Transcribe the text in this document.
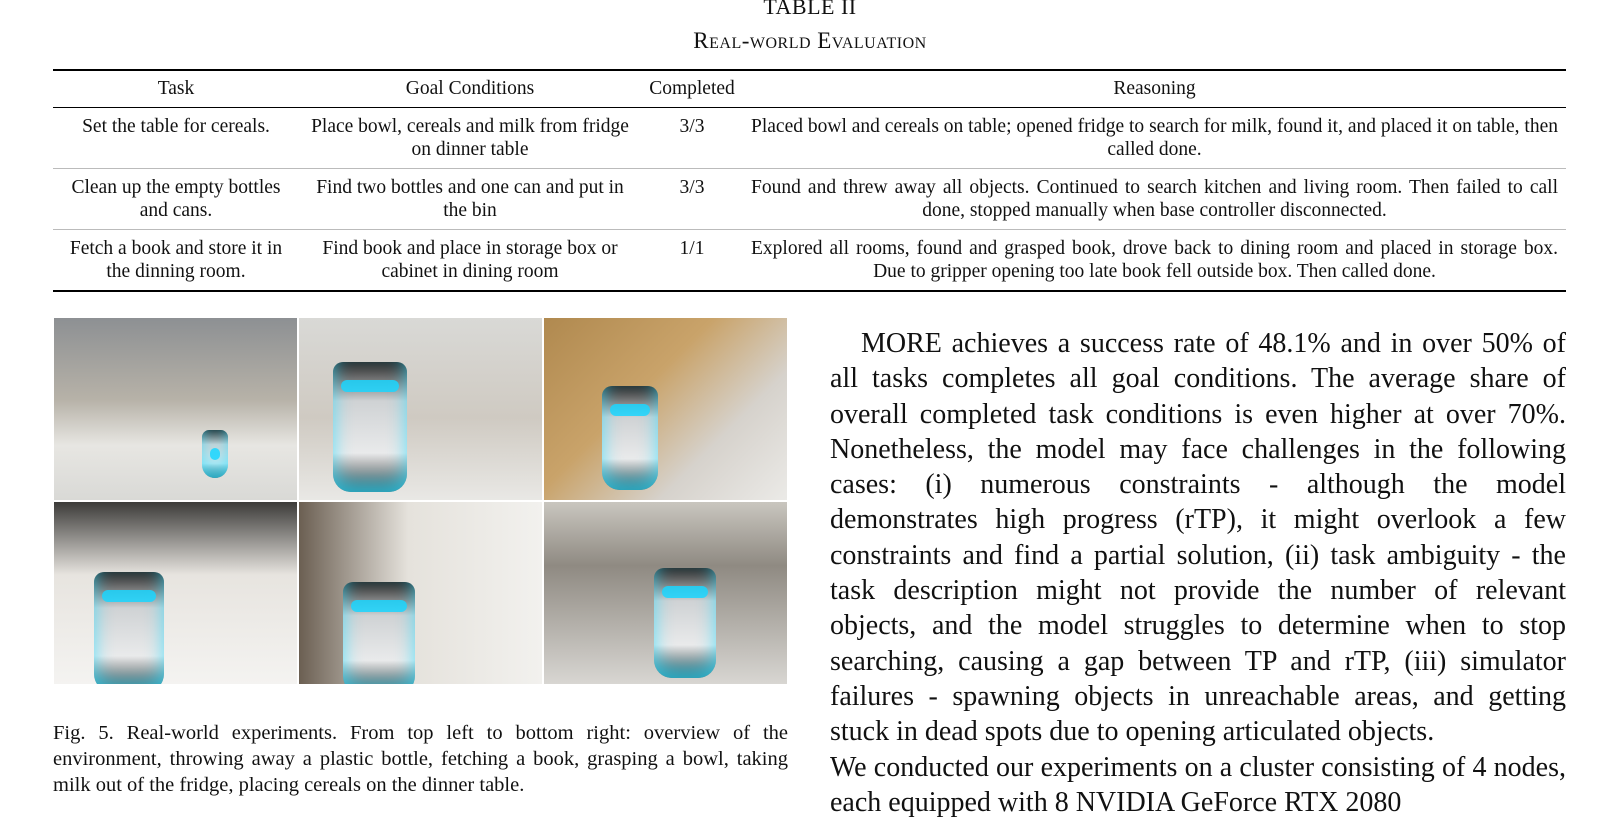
TABLE II
Real-world Evaluation
Task	Goal Conditions	Completed	Reasoning
Set the table for cereals.	Place bowl, cereals and milk from fridge on dinner table	3/3	Placed bowl and cereals on table; opened fridge to search for milk, found it, and placed it on table, then called done.
Clean up the empty bottles and cans.	Find two bottles and one can and put in the bin	3/3	Found and threw away all objects. Continued to search kitchen and living room. Then failed to call done, stopped manually when base controller disconnected.
Fetch a book and store it in the dinning room.	Find book and place in storage box or cabinet in dining room	1/1	Explored all rooms, found and grasped book, drove back to dining room and placed in storage box. Due to gripper opening too late book fell outside box. Then called done.
Fig. 5. Real-world experiments. From top left to bottom right: overview of the environment, throwing away a plastic bottle, fetching a book, grasping a bowl, taking milk out of the fridge, placing cereals on the dinner table.

MORE achieves a success rate of 48.1% and in over 50% of all tasks completes all goal conditions. The average share of overall completed task conditions is even higher at over 70%. Nonetheless, the model may face challenges in the following cases: (i) numerous constraints - although the model demonstrates high progress (rTP), it might overlook a few constraints and find a partial solution, (ii) task ambiguity - the task description might not provide the number of relevant objects, and the model struggles to determine when to stop searching, causing a gap between TP and rTP, (iii) simulator failures - spawning objects in unreachable areas, and getting stuck in dead spots due to opening articulated objects.

We conducted our experiments on a cluster consisting of 4 nodes, each equipped with 8 NVIDIA GeForce RTX 2080
